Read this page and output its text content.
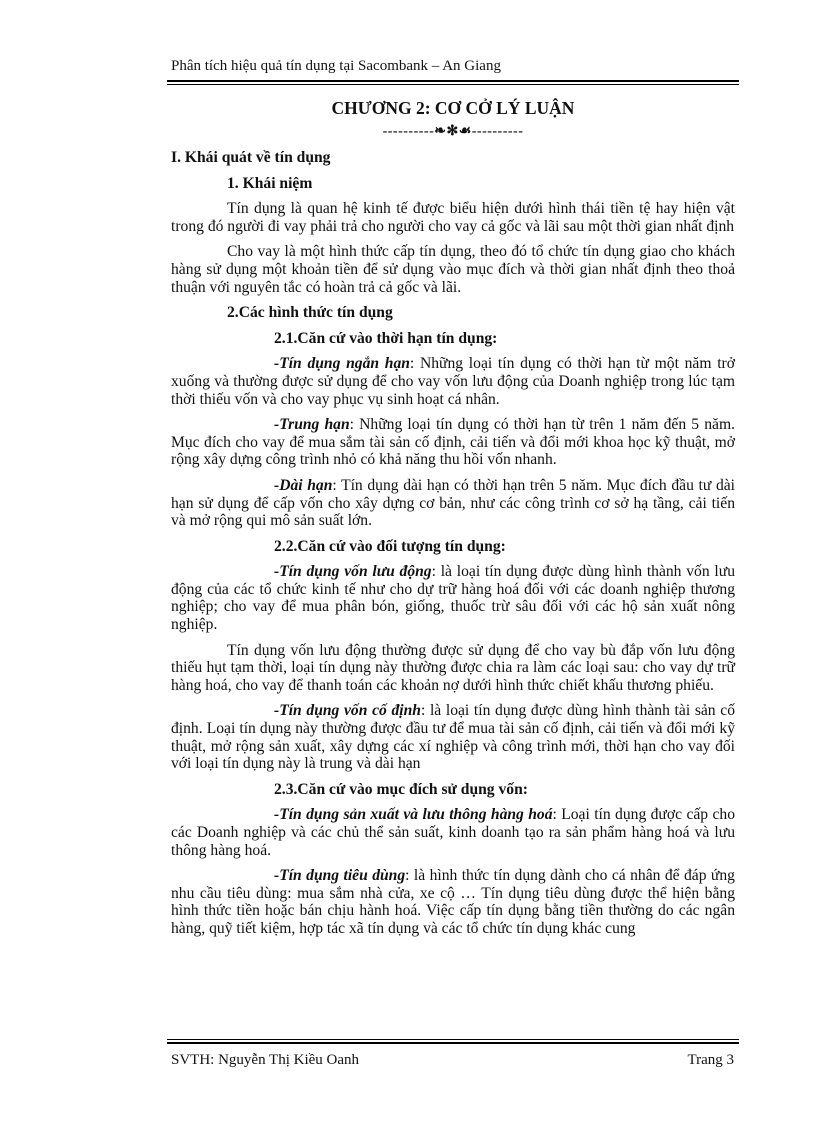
Phân tích hiệu quả tín dụng tại Sacombank – An Giang
CHƯƠNG 2: CƠ CỞ LÝ LUẬN
----------❧✻☙----------
I. Khái quát về tín dụng
1. Khái niệm

Tín dụng là quan hệ kinh tế được biểu hiện dưới hình thái tiền tệ hay hiện vật trong đó người đi vay phải trả cho người cho vay cả gốc và lãi sau một thời gian nhất định

Cho vay là một hình thức cấp tín dụng, theo đó tổ chức tín dụng giao cho khách hàng sử dụng một khoản tiền để sử dụng vào mục đích và thời gian nhất định theo thoả thuận với nguyên tắc có hoàn trả cả gốc và lãi.

2.Các hình thức tín dụng
2.1.Căn cứ vào thời hạn tín dụng:

-Tín dụng ngắn hạn: Những loại tín dụng có thời hạn từ một năm trở xuống và thường được sử dụng để cho vay vốn lưu động của Doanh nghiệp trong lúc tạm thời thiếu vốn và cho vay phục vụ sinh hoạt cá nhân.

-Trung hạn: Những loại tín dụng có thời hạn từ trên 1 năm đến 5 năm. Mục đích cho vay để mua sắm tài sản cố định, cải tiến và đổi mới khoa học kỹ thuật, mở rộng xây dựng công trình nhỏ có khả năng thu hồi vốn nhanh.

-Dài hạn: Tín dụng dài hạn có thời hạn trên 5 năm. Mục đích đầu tư dài hạn sử dụng để cấp vốn cho xây dựng cơ bản, như các công trình cơ sở hạ tầng, cải tiến và mở rộng qui mô sản suất lớn.

2.2.Căn cứ vào đối tượng tín dụng:

-Tín dụng vốn lưu động: là loại tín dụng được dùng hình thành vốn lưu động của các tổ chức kinh tế như cho dự trữ hàng hoá đối với các doanh nghiệp thương nghiệp; cho vay để mua phân bón, giống, thuốc trừ sâu đối với các hộ sản xuất nông nghiệp.

Tín dụng vốn lưu động thường được sử dụng để cho vay bù đắp vốn lưu động thiếu hụt tạm thời, loại tín dụng này thường được chia ra làm các loại sau: cho vay dự trữ hàng hoá, cho vay để thanh toán các khoản nợ dưới hình thức chiết khấu thương phiếu.

-Tín dụng vốn cố định: là loại tín dụng được dùng hình thành tài sản cố định. Loại tín dụng này thường được đầu tư để mua tài sản cố định, cải tiến và đổi mới kỹ thuật, mở rộng sản xuất, xây dựng các xí nghiệp và công trình mới, thời hạn cho vay đối với loại tín dụng này là trung và dài hạn

2.3.Căn cứ vào mục đích sử dụng vốn:

-Tín dụng sản xuất và lưu thông hàng hoá: Loại tín dụng được cấp cho các Doanh nghiệp và các chủ thể sản suất, kinh doanh tạo ra sản phẩm hàng hoá và lưu thông hàng hoá.

-Tín dụng tiêu dùng: là hình thức tín dụng dành cho cá nhân để đáp ứng nhu cầu tiêu dùng: mua sắm nhà cửa, xe cộ … Tín dụng tiêu dùng được thể hiện bằng hình thức tiền hoặc bán chịu hành hoá. Việc cấp tín dụng bằng tiền thường do các ngân hàng, quỹ tiết kiệm, hợp tác xã tín dụng và các tổ chức tín dụng khác cung

SVTH: Nguyễn Thị Kiều Oanh	Trang 3
